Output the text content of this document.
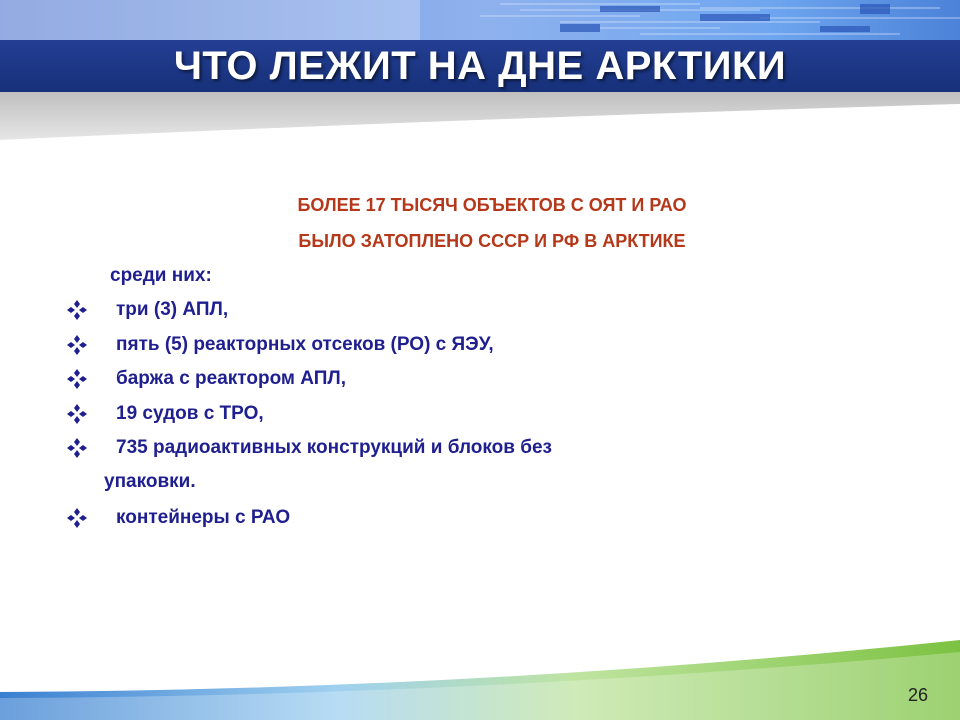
ЧТО ЛЕЖИТ НА ДНЕ АРКТИКИ
БОЛЕЕ 17 ТЫСЯЧ ОБЪЕКТОВ С ОЯТ И РАО
БЫЛО ЗАТОПЛЕНО СССР И РФ В АРКТИКЕ
среди них:
три (3) АПЛ,
пять (5) реакторных отсеков (РО) с ЯЭУ,
баржа с реактором АПЛ,
19 судов с ТРО,
735 радиоактивных конструкций и блоков без
упаковки.
контейнеры с РАО
26
